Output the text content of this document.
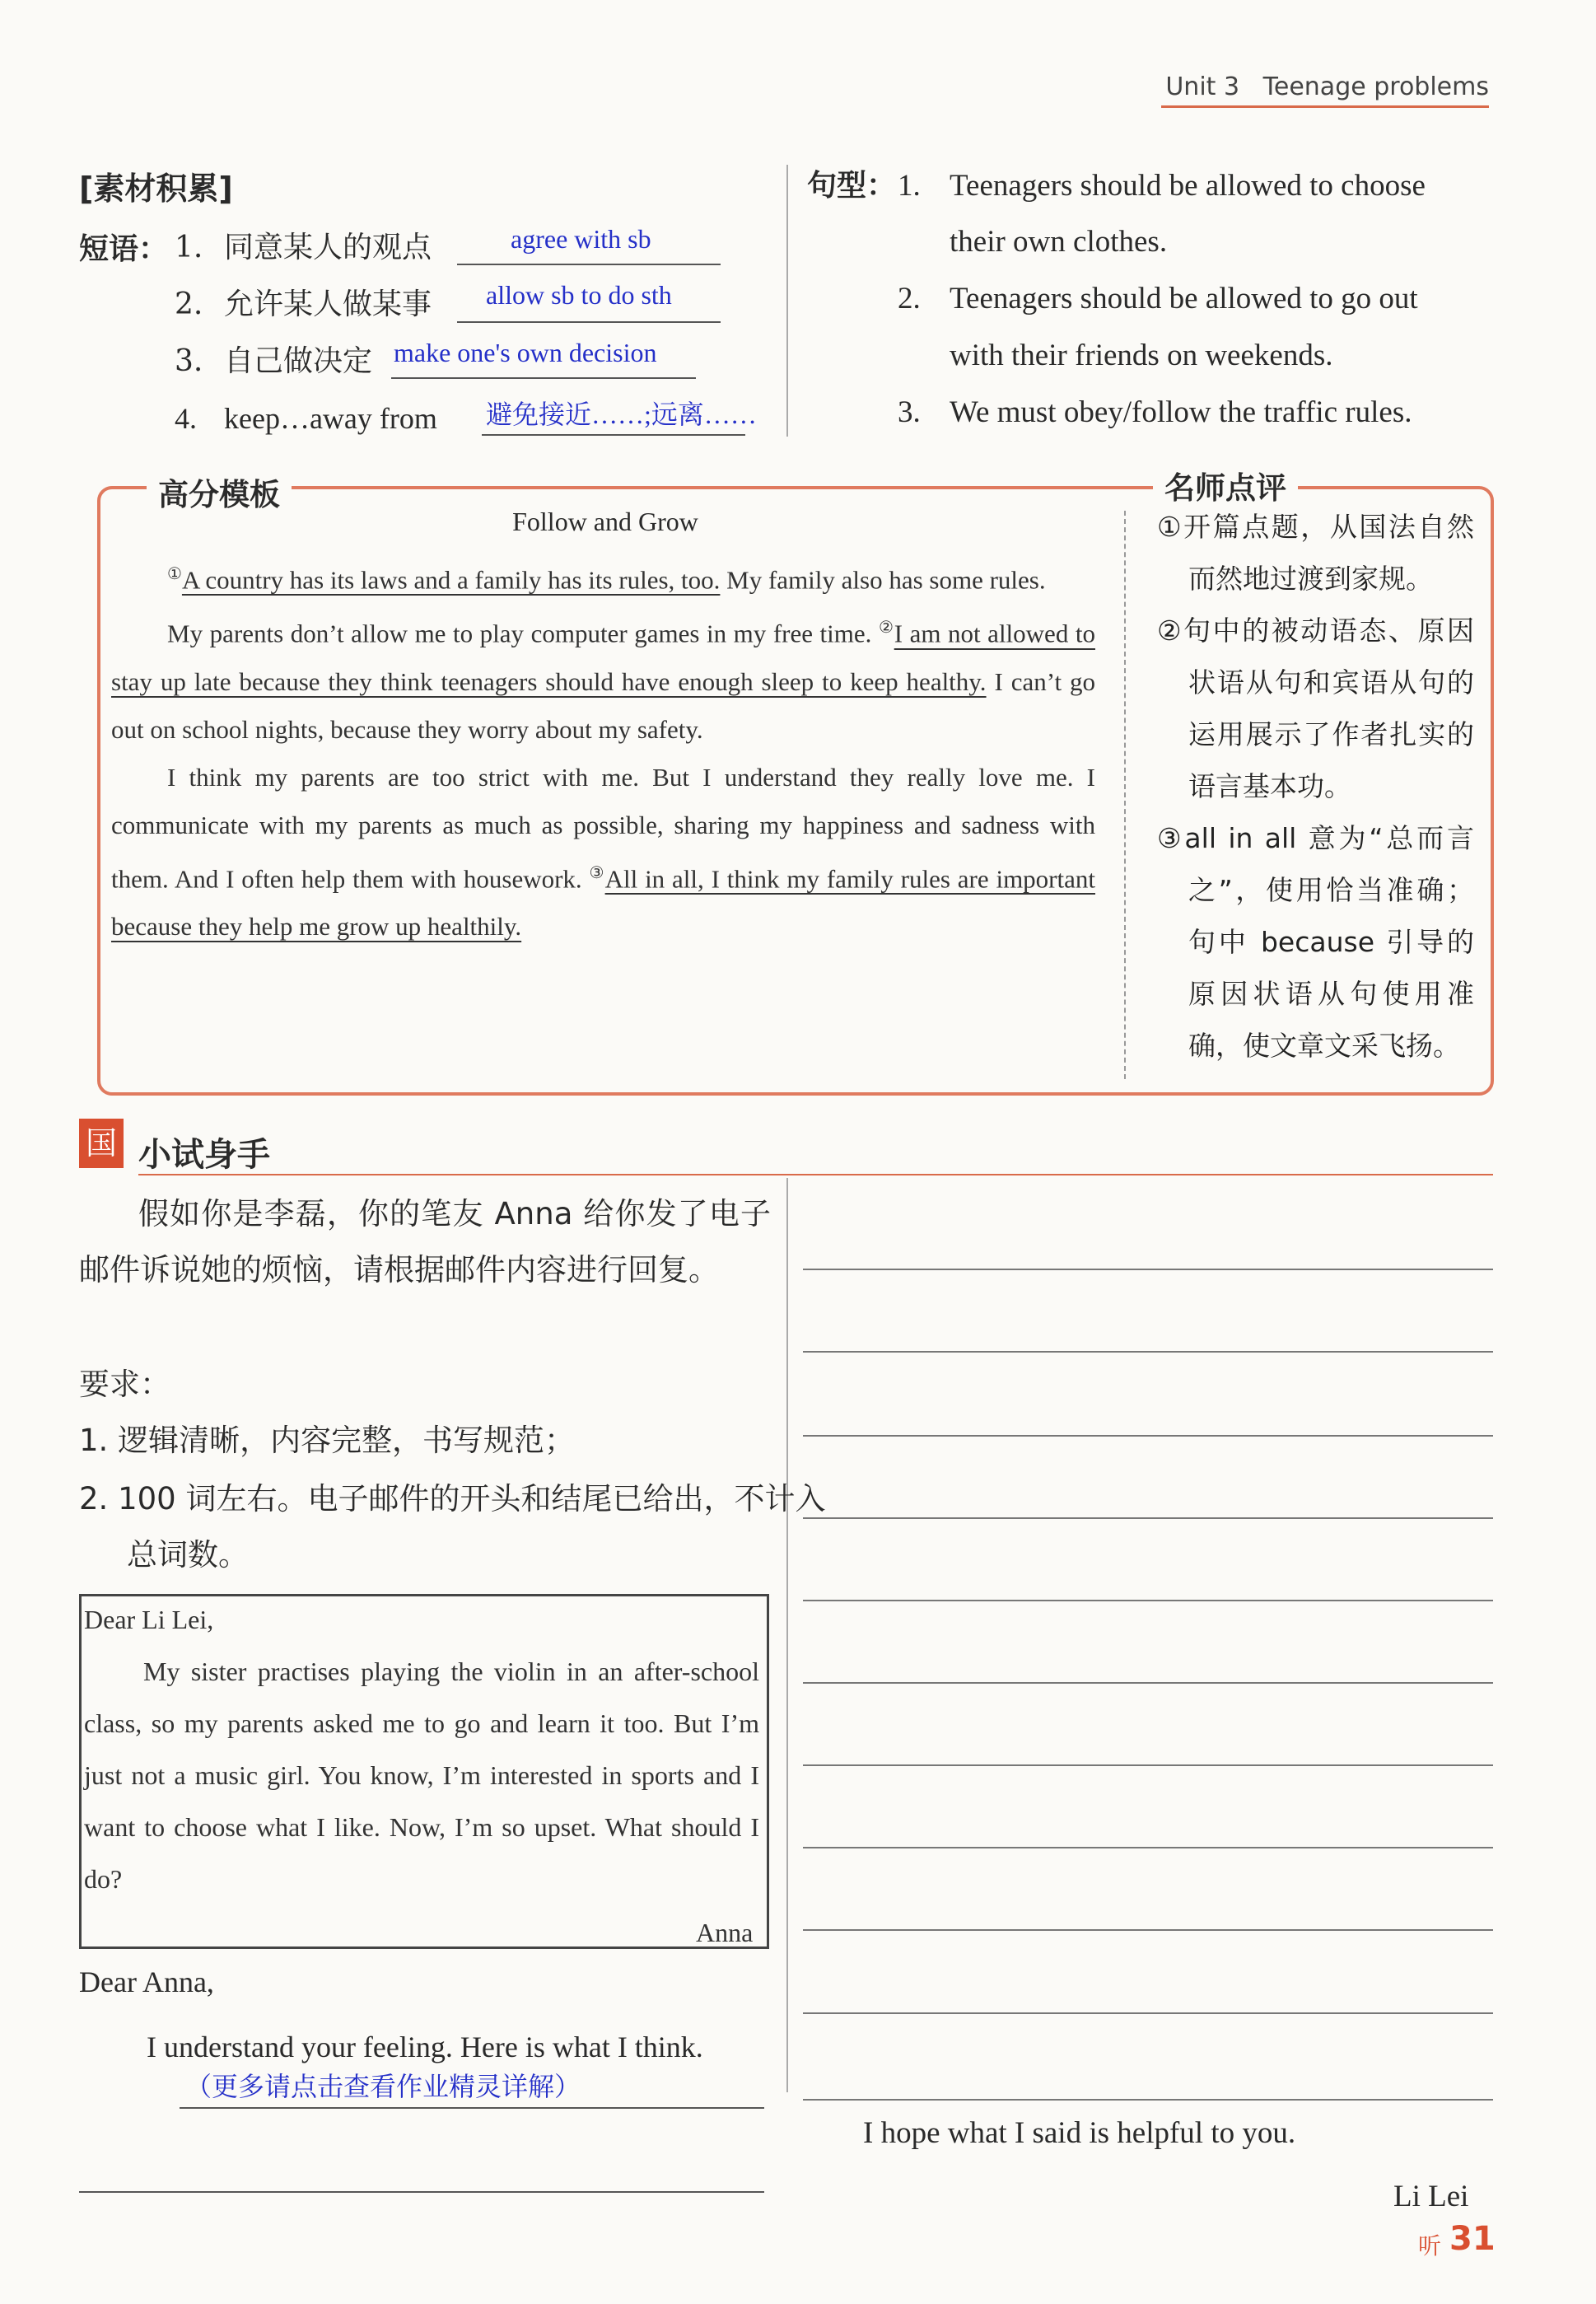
Unit 3 Teenage problems
[素材积累]
短语： 1. 同意某人的观点	agree with sb
2. 允许某人做某事 allow sb to do sth
3. 自己做决定 make one's own decision
4. keep…away from 避免接近……;远离……
句型： 1. Teenagers should be allowed to choose
their own clothes.
2. Teenagers should be allowed to go out
with their friends on weekends.
3. We must obey/follow the traffic rules.
高分模板	名师点评
Follow and Grow

①A country has its laws and a family has its rules, too. My family also has some rules.

My parents don’t allow me to play computer games in my free time. ②I am not allowed to stay up late because they think teenagers should have enough sleep to keep healthy. I can’t go out on school nights, because they worry about my safety.

I think my parents are too strict with me. But I understand they really love me. I communicate with my parents as much as possible, sharing my happiness and sadness with them. And I often help them with housework. ③All in all, I think my family rules are important because they help me grow up healthily.

①开篇点题，从国法自然而然地过渡到家规。
②句中的被动语态、原因状语从句和宾语从句的运用展示了作者扎实的语言基本功。
③all in all 意为“总而言之”，使用恰当准确；句中 because 引导的原因状语从句使用准确，使文章文采飞扬。
国 小试身手
假如你是李磊，你的笔友 Anna 给你发了电子邮件诉说她的烦恼，请根据邮件内容进行回复。
要求：
1. 逻辑清晰，内容完整，书写规范；
2. 100 词左右。电子邮件的开头和结尾已给出，不计入总词数。
Dear Li Lei,
My sister practises playing the violin in an after-school class, so my parents asked me to go and learn it too. But I’m just not a music girl. You know, I’m interested in sports and I want to choose what I like. Now, I’m so upset. What should I do?
Anna
Dear Anna,
I understand your feeling. Here is what I think.
（更多请点击查看作业精灵详解）
I hope what I said is helpful to you.
Li Lei
听 31
